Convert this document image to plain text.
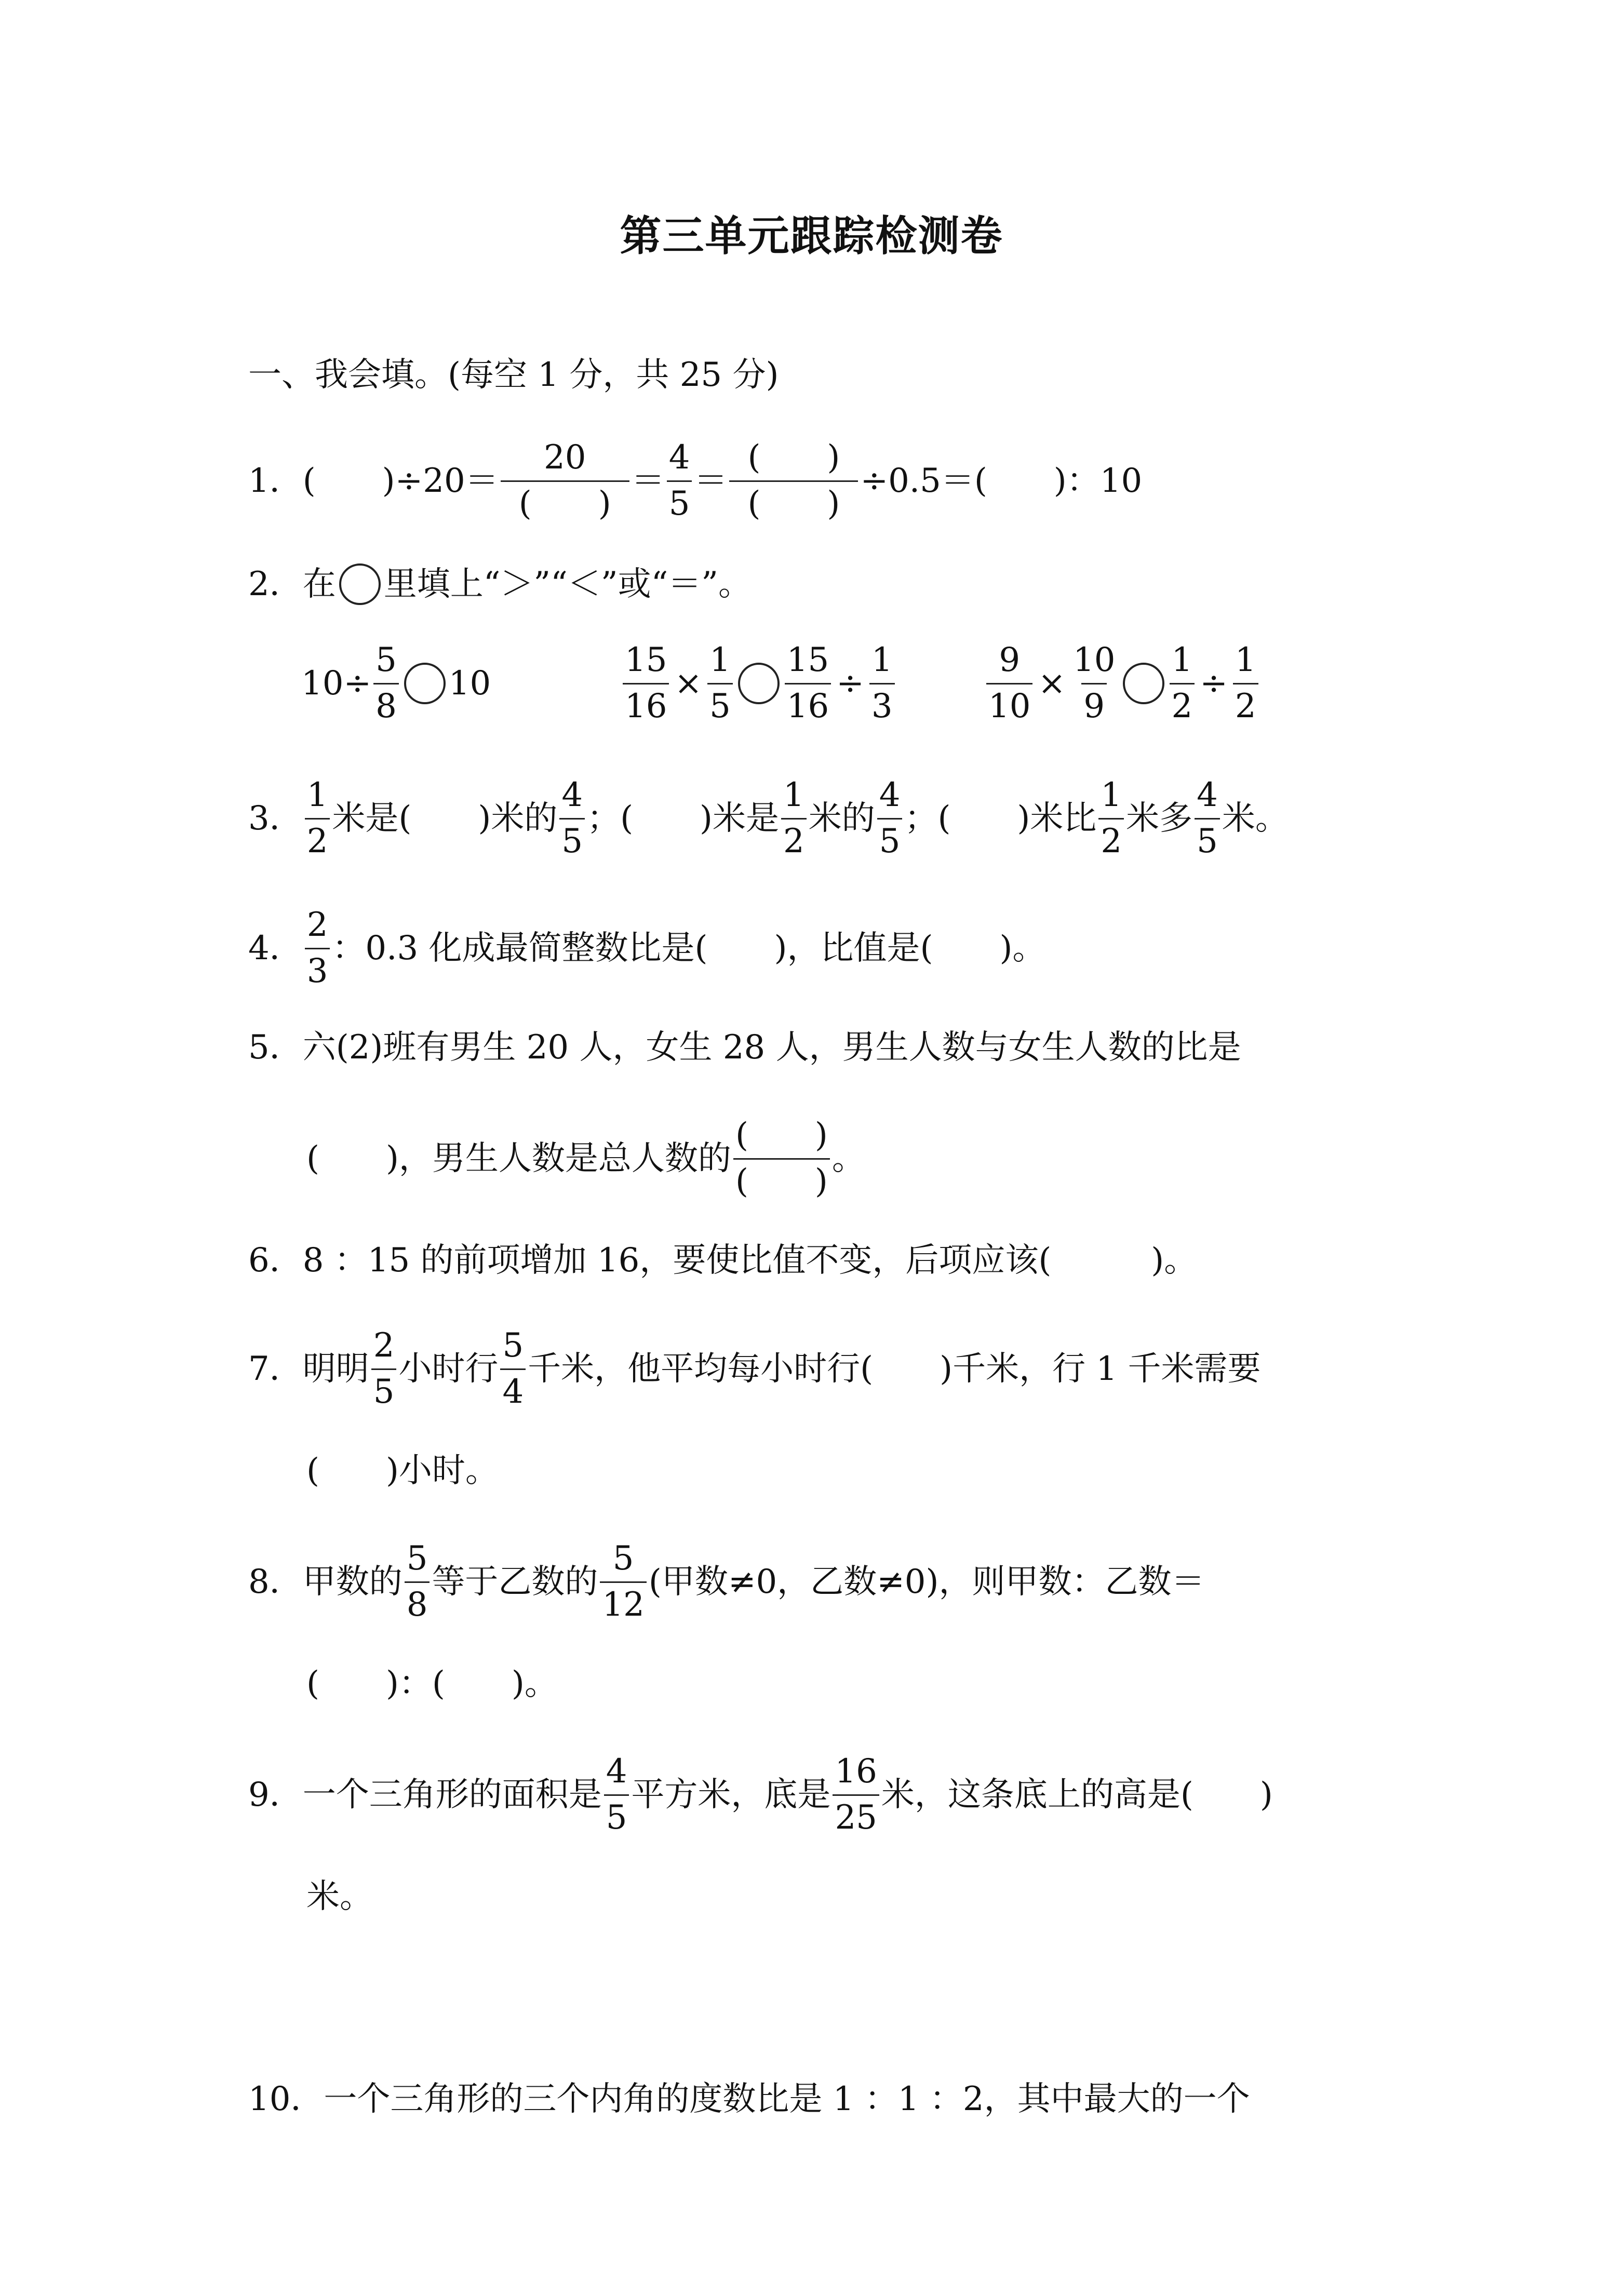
第三单元跟踪检测卷
一、我会填。(每空 1 分，共 25 分)
1．(　　)$\div 20= \frac{20}{( )} = \frac{4}{5} = \frac{( )}{( )} \div 0.5=$(　　)：10
2．在 里填上“＞”“＜”或“＝”。
$10\div \frac{5}{8} 10$	$\frac{15}{16} \times \frac{1}{5} \frac{15}{16} \div \frac{1}{3}$	$\frac{9}{10} \times \frac{10}{9} \frac{1}{2} \div \frac{1}{2}$
3． $\frac{1}{2}$ 米是(　　)米的 $\frac{4}{5}$ ；(　　)米是 $\frac{1}{2}$ 米的 $\frac{4}{5}$ ；(　　)米比 $\frac{1}{2}$ 米多 $\frac{4}{5}$ 米。
4． $\frac{2}{3}$ ：0.3 化成最简整数比是(　　)，比值是(　　)。
5．六(2)班有男生 20 人，女生 28 人，男生人数与女生人数的比是
(　　)，男生人数是总人数的 $\frac{( )}{( )}$ 。
6．8 ：15 的前项增加 16，要使比值不变，后项应该(　　　)。
7．明明 $\frac{2}{5}$ 小时行 $\frac{5}{4}$ 千米，他平均每小时行(　　)千米，行 1 千米需要
(　　)小时。
8．甲数的 $\frac{5}{8}$ 等于乙数的 $\frac{5}{12}$ (甲数≠0，乙数≠0)，则甲数：乙数＝
(　　)：(　　)。
9．一个三角形的面积是 $\frac{4}{5}$ 平方米，底是 $\frac{16}{25}$ 米，这条底上的高是(　　)
米。
10．一个三角形的三个内角的度数比是 1 ：1 ：2，其中最大的一个
